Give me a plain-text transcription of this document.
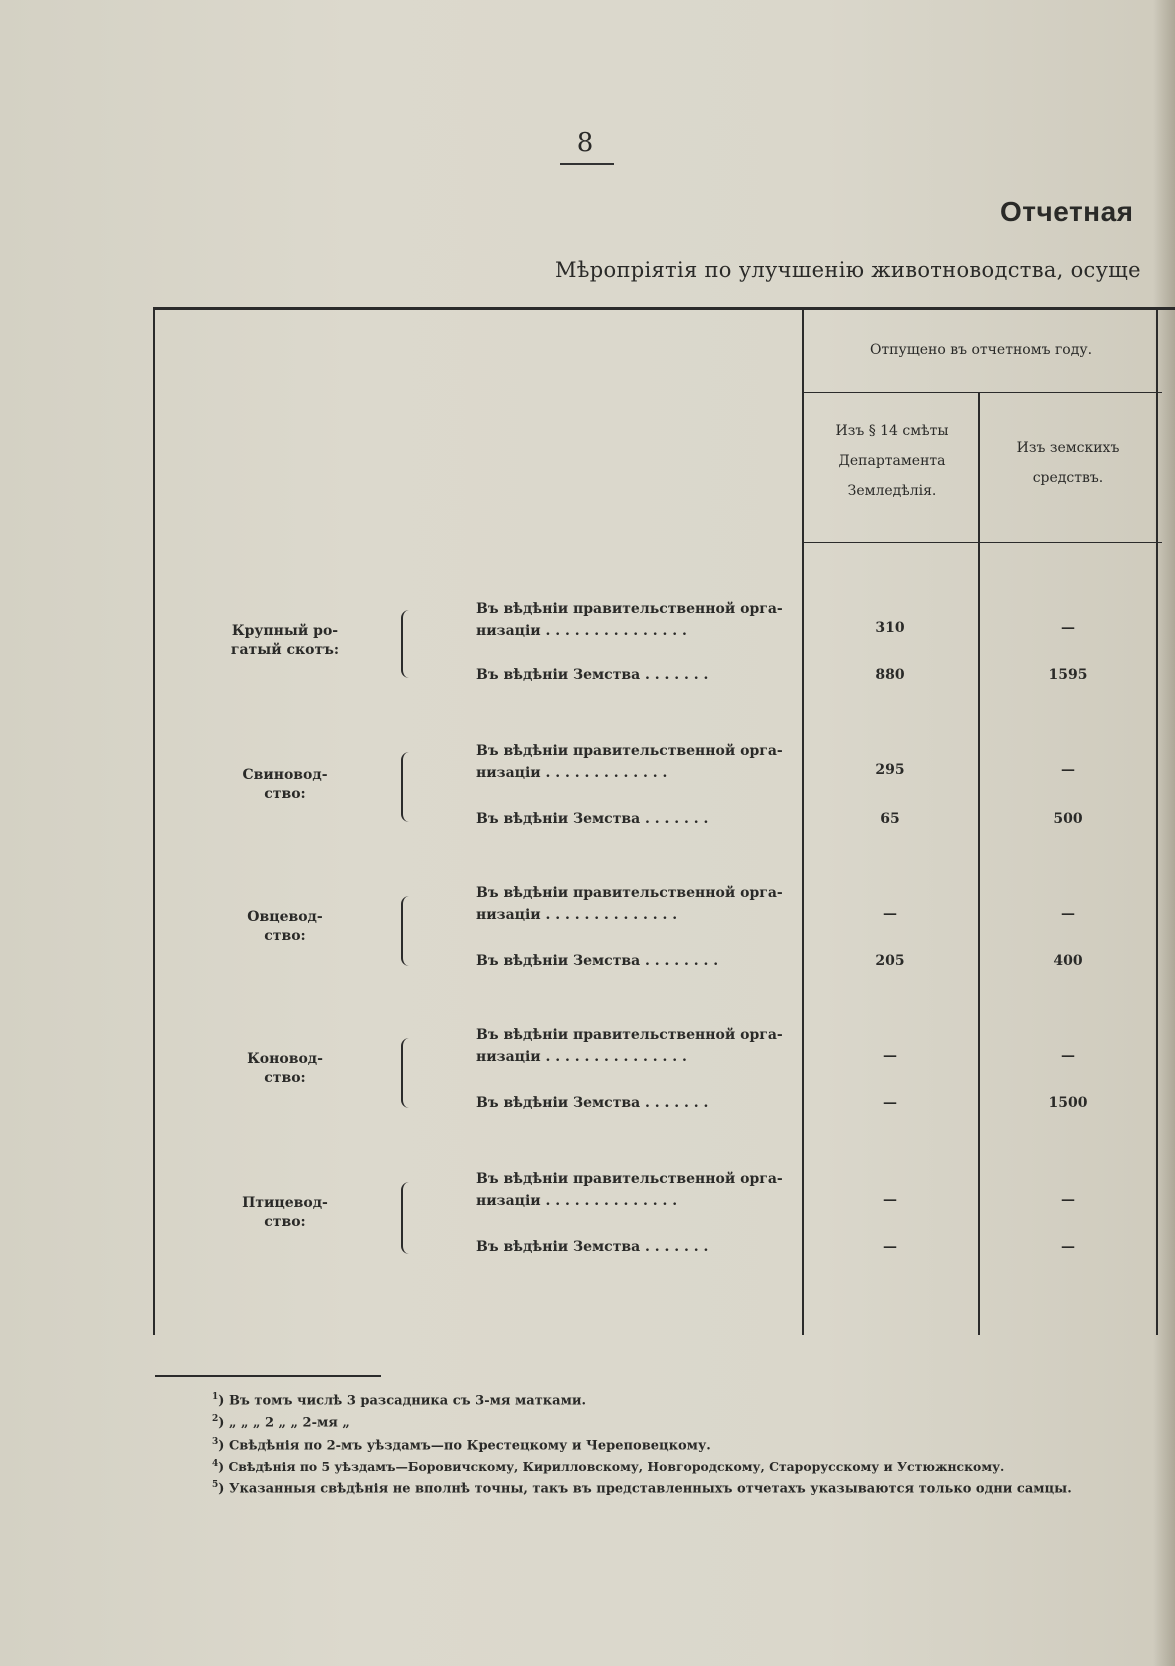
8
Отчетная
Мѣропріятія по улучшенію животноводства, осуще
Отпущено въ отчетномъ году.
Изъ § 14 смѣты
Департамента
Земледѣлія.
Изъ земскихъ
средствъ.
Крупный ро-
гатый скотъ:
Въ вѣдѣніи правительственной орга-
низаціи . . . . . . . . . . . . . . .	310	—
Въ вѣдѣніи Земства . . . . . . .	880	1595
Свиновод-
ство:
Въ вѣдѣніи правительственной орга-
низаціи . . . . . . . . . . . . .	295	—
Въ вѣдѣніи Земства . . . . . . .	65	500
Овцевод-
ство:
Въ вѣдѣніи правительственной орга-
низаціи . . . . . . . . . . . . . .	—	—
Въ вѣдѣніи Земства . . . . . . . .	205	400
Коновод-
ство:
Въ вѣдѣніи правительственной орга-
низаціи . . . . . . . . . . . . . . .	—	—
Въ вѣдѣніи Земства . . . . . . .	—	1500
Птицевод-
ство:
Въ вѣдѣніи правительственной орга-
низаціи . . . . . . . . . . . . . .	—	—
Въ вѣдѣніи Земства . . . . . . .	—	—
$^1$) Въ томъ числѣ 3 разсадника съ 3-мя матками.
$^2$) „ „ „ 2 „ „ 2-мя „
$^3$) Свѣдѣнія по 2-мъ уѣздамъ—по Крестецкому и Череповецкому.
$^4$) Свѣдѣнія по 5 уѣздамъ—Боровичскому, Кирилловскому, Новгородскому, Старорусскому и Устюжнскому.
$^5$) Указанныя свѣдѣнія не вполнѣ точны, такъ въ представленныхъ отчетахъ указываются только одни самцы.
